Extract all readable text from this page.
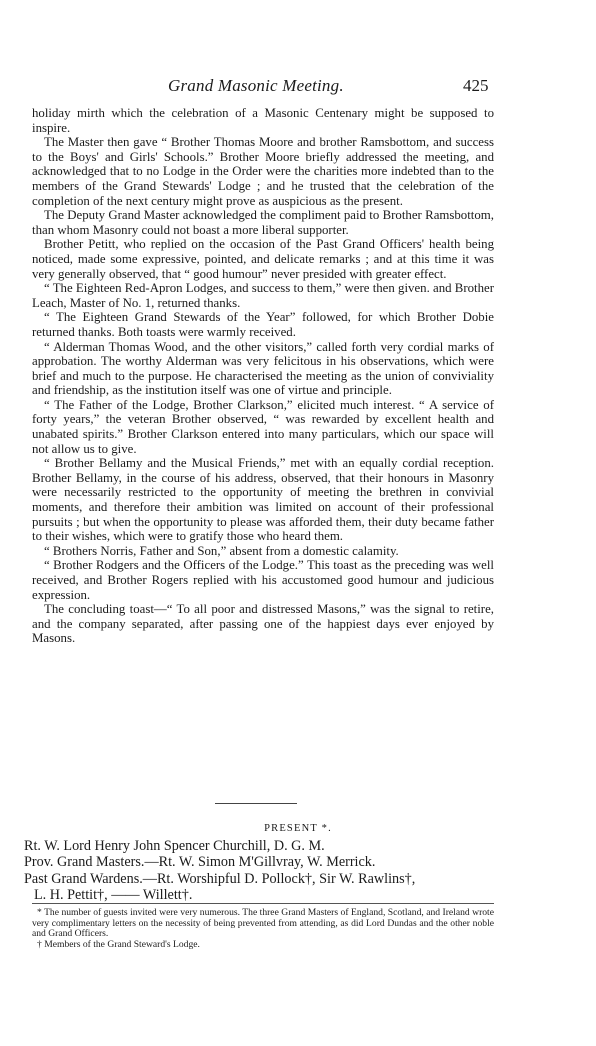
Grand Masonic Meeting.	425

holiday mirth which the celebration of a Masonic Centenary might be supposed to inspire.

The Master then gave “ Brother Thomas Moore and brother Ramsbottom, and success to the Boys' and Girls' Schools.” Brother Moore briefly addressed the meeting, and acknowledged that to no Lodge in the Order were the charities more indebted than to the members of the Grand Stewards' Lodge ; and he trusted that the celebration of the completion of the next century might prove as auspicious as the present.

The Deputy Grand Master acknowledged the compliment paid to Brother Ramsbottom, than whom Masonry could not boast a more liberal supporter.

Brother Petitt, who replied on the occasion of the Past Grand Officers' health being noticed, made some expressive, pointed, and delicate remarks ; and at this time it was very generally observed, that “ good humour” never presided with greater effect.

“ The Eighteen Red-Apron Lodges, and success to them,” were then given. and Brother Leach, Master of No. 1, returned thanks.

“ The Eighteen Grand Stewards of the Year” followed, for which Brother Dobie returned thanks. Both toasts were warmly received.

“ Alderman Thomas Wood, and the other visitors,” called forth very cordial marks of approbation. The worthy Alderman was very felicitous in his observations, which were brief and much to the purpose. He characterised the meeting as the union of conviviality and friendship, as the institution itself was one of virtue and principle.

“ The Father of the Lodge, Brother Clarkson,” elicited much interest. “ A service of forty years,” the veteran Brother observed, “ was rewarded by excellent health and unabated spirits.” Brother Clarkson entered into many particulars, which our space will not allow us to give.

“ Brother Bellamy and the Musical Friends,” met with an equally cordial reception. Brother Bellamy, in the course of his address, observed, that their honours in Masonry were necessarily restricted to the opportunity of meeting the brethren in convivial moments, and therefore their ambition was limited on account of their professional pursuits ; but when the opportunity to please was afforded them, their duty became father to their wishes, which were to gratify those who heard them.

“ Brothers Norris, Father and Son,” absent from a domestic calamity.

“ Brother Rodgers and the Officers of the Lodge.” This toast as the preceding was well received, and Brother Rogers replied with his accustomed good humour and judicious expression.

The concluding toast—“ To all poor and distressed Masons,” was the signal to retire, and the company separated, after passing one of the happiest days ever enjoyed by Masons.

PRESENT *.
Rt. W. Lord Henry John Spencer Churchill, D. G. M.
Prov. Grand Masters.—Rt. W. Simon M'Gillvray, W. Merrick.
Past Grand Wardens.—Rt. Worshipful D. Pollock†, Sir W. Rawlins†,
L. H. Pettit†, —— Willett†.

* The number of guests invited were very numerous. The three Grand Masters of England, Scotland, and Ireland wrote very complimentary letters on the necessity of being prevented from attending, as did Lord Dundas and the other noble and Grand Officers.

† Members of the Grand Steward's Lodge.
